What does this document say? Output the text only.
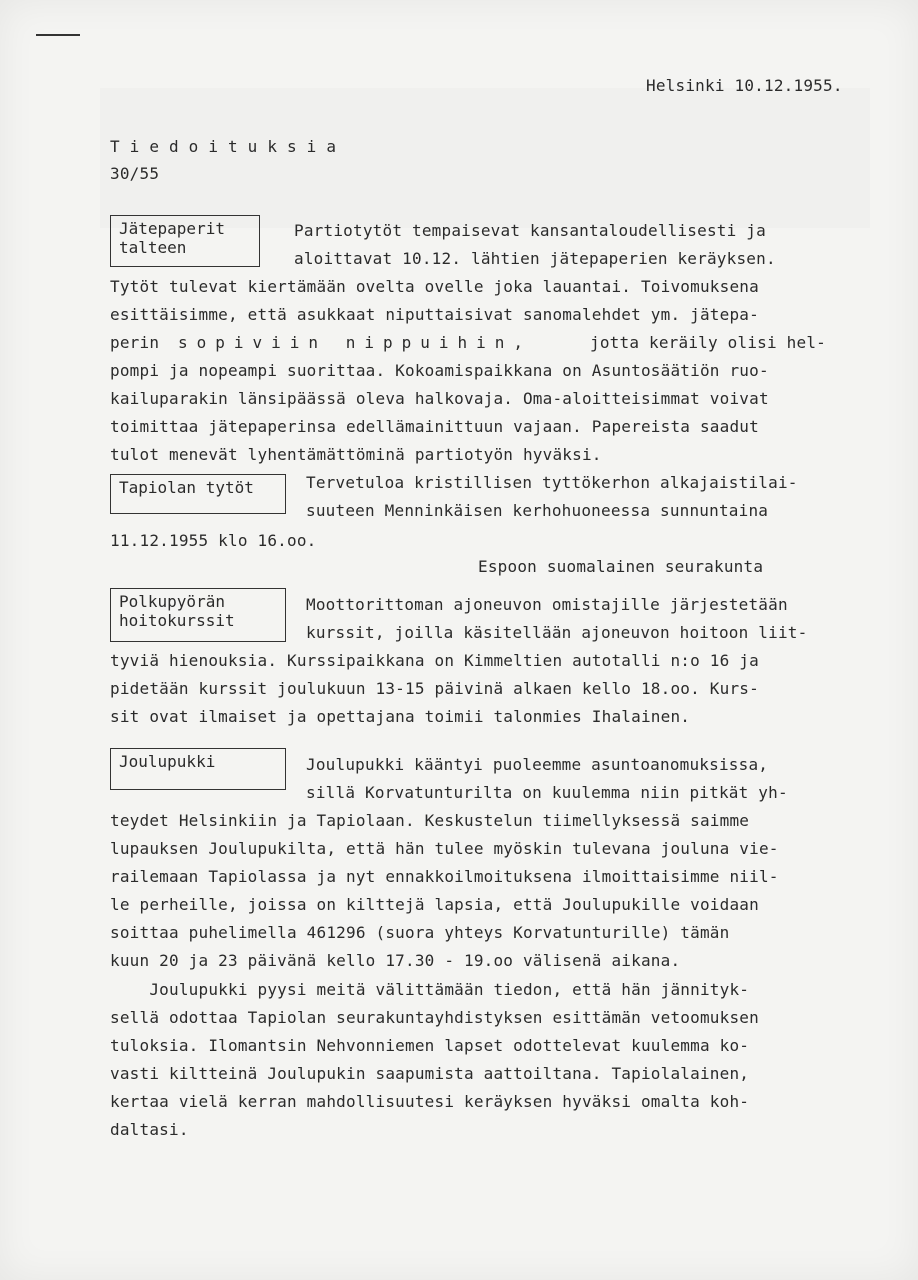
Helsinki 10.12.1955.
T i e d o i t u k s i a
30/55
Jätepaperit
talteen
Partiotytöt tempaisevat kansantaloudellisesti ja
aloittavat 10.12. lähtien jätepaperien keräyksen.
Tytöt tulevat kiertämään ovelta ovelle joka lauantai. Toivomuksena
esittäisimme, että asukkaat niputtaisivat sanomalehdet ym. jätepa-
perin sopiviin nippuihin,	jotta keräily olisi hel-
pompi ja nopeampi suorittaa. Kokoamispaikkana on Asuntosäätiön ruo-
kailuparakin länsipäässä oleva halkovaja. Oma-aloitteisimmat voivat
toimittaa jätepaperinsa edellämainittuun vajaan. Papereista saadut
tulot menevät lyhentämättöminä partiotyön hyväksi.
Tapiolan tytöt	Tervetuloa kristillisen tyttökerhon alkajaistilai-
suuteen Menninkäisen kerhohuoneessa sunnuntaina
11.12.1955 klo 16.oo.
Espoon suomalainen seurakunta
Polkupyörän
hoitokurssit
Moottorittoman ajoneuvon omistajille järjestetään
kurssit, joilla käsitellään ajoneuvon hoitoon liit-
tyviä hienouksia. Kurssipaikkana on Kimmeltien autotalli n:o 16 ja
pidetään kurssit joulukuun 13-15 päivinä alkaen kello 18.oo. Kurs-
sit ovat ilmaiset ja opettajana toimii talonmies Ihalainen.
Joulupukki	Joulupukki kääntyi puoleemme asuntoanomuksissa,
sillä Korvatunturilta on kuulemma niin pitkät yh-
teydet Helsinkiin ja Tapiolaan. Keskustelun tiimellyksessä saimme
lupauksen Joulupukilta, että hän tulee myöskin tulevana jouluna vie-
railemaan Tapiolassa ja nyt ennakkoilmoituksena ilmoittaisimme niil-
le perheille, joissa on kilttejä lapsia, että Joulupukille voidaan
soittaa puhelimella 461296 (suora yhteys Korvatunturille) tämän
kuun 20 ja 23 päivänä kello 17.30 - 19.oo välisenä aikana.
Joulupukki pyysi meitä välittämään tiedon, että hän jännityk-
sellä odottaa Tapiolan seurakuntayhdistyksen esittämän vetoomuksen
tuloksia. Ilomantsin Nehvonniemen lapset odottelevat kuulemma ko-
vasti kiltteinä Joulupukin saapumista aattoiltana. Tapiolalainen,
kertaa vielä kerran mahdollisuutesi keräyksen hyväksi omalta koh-
daltasi.
